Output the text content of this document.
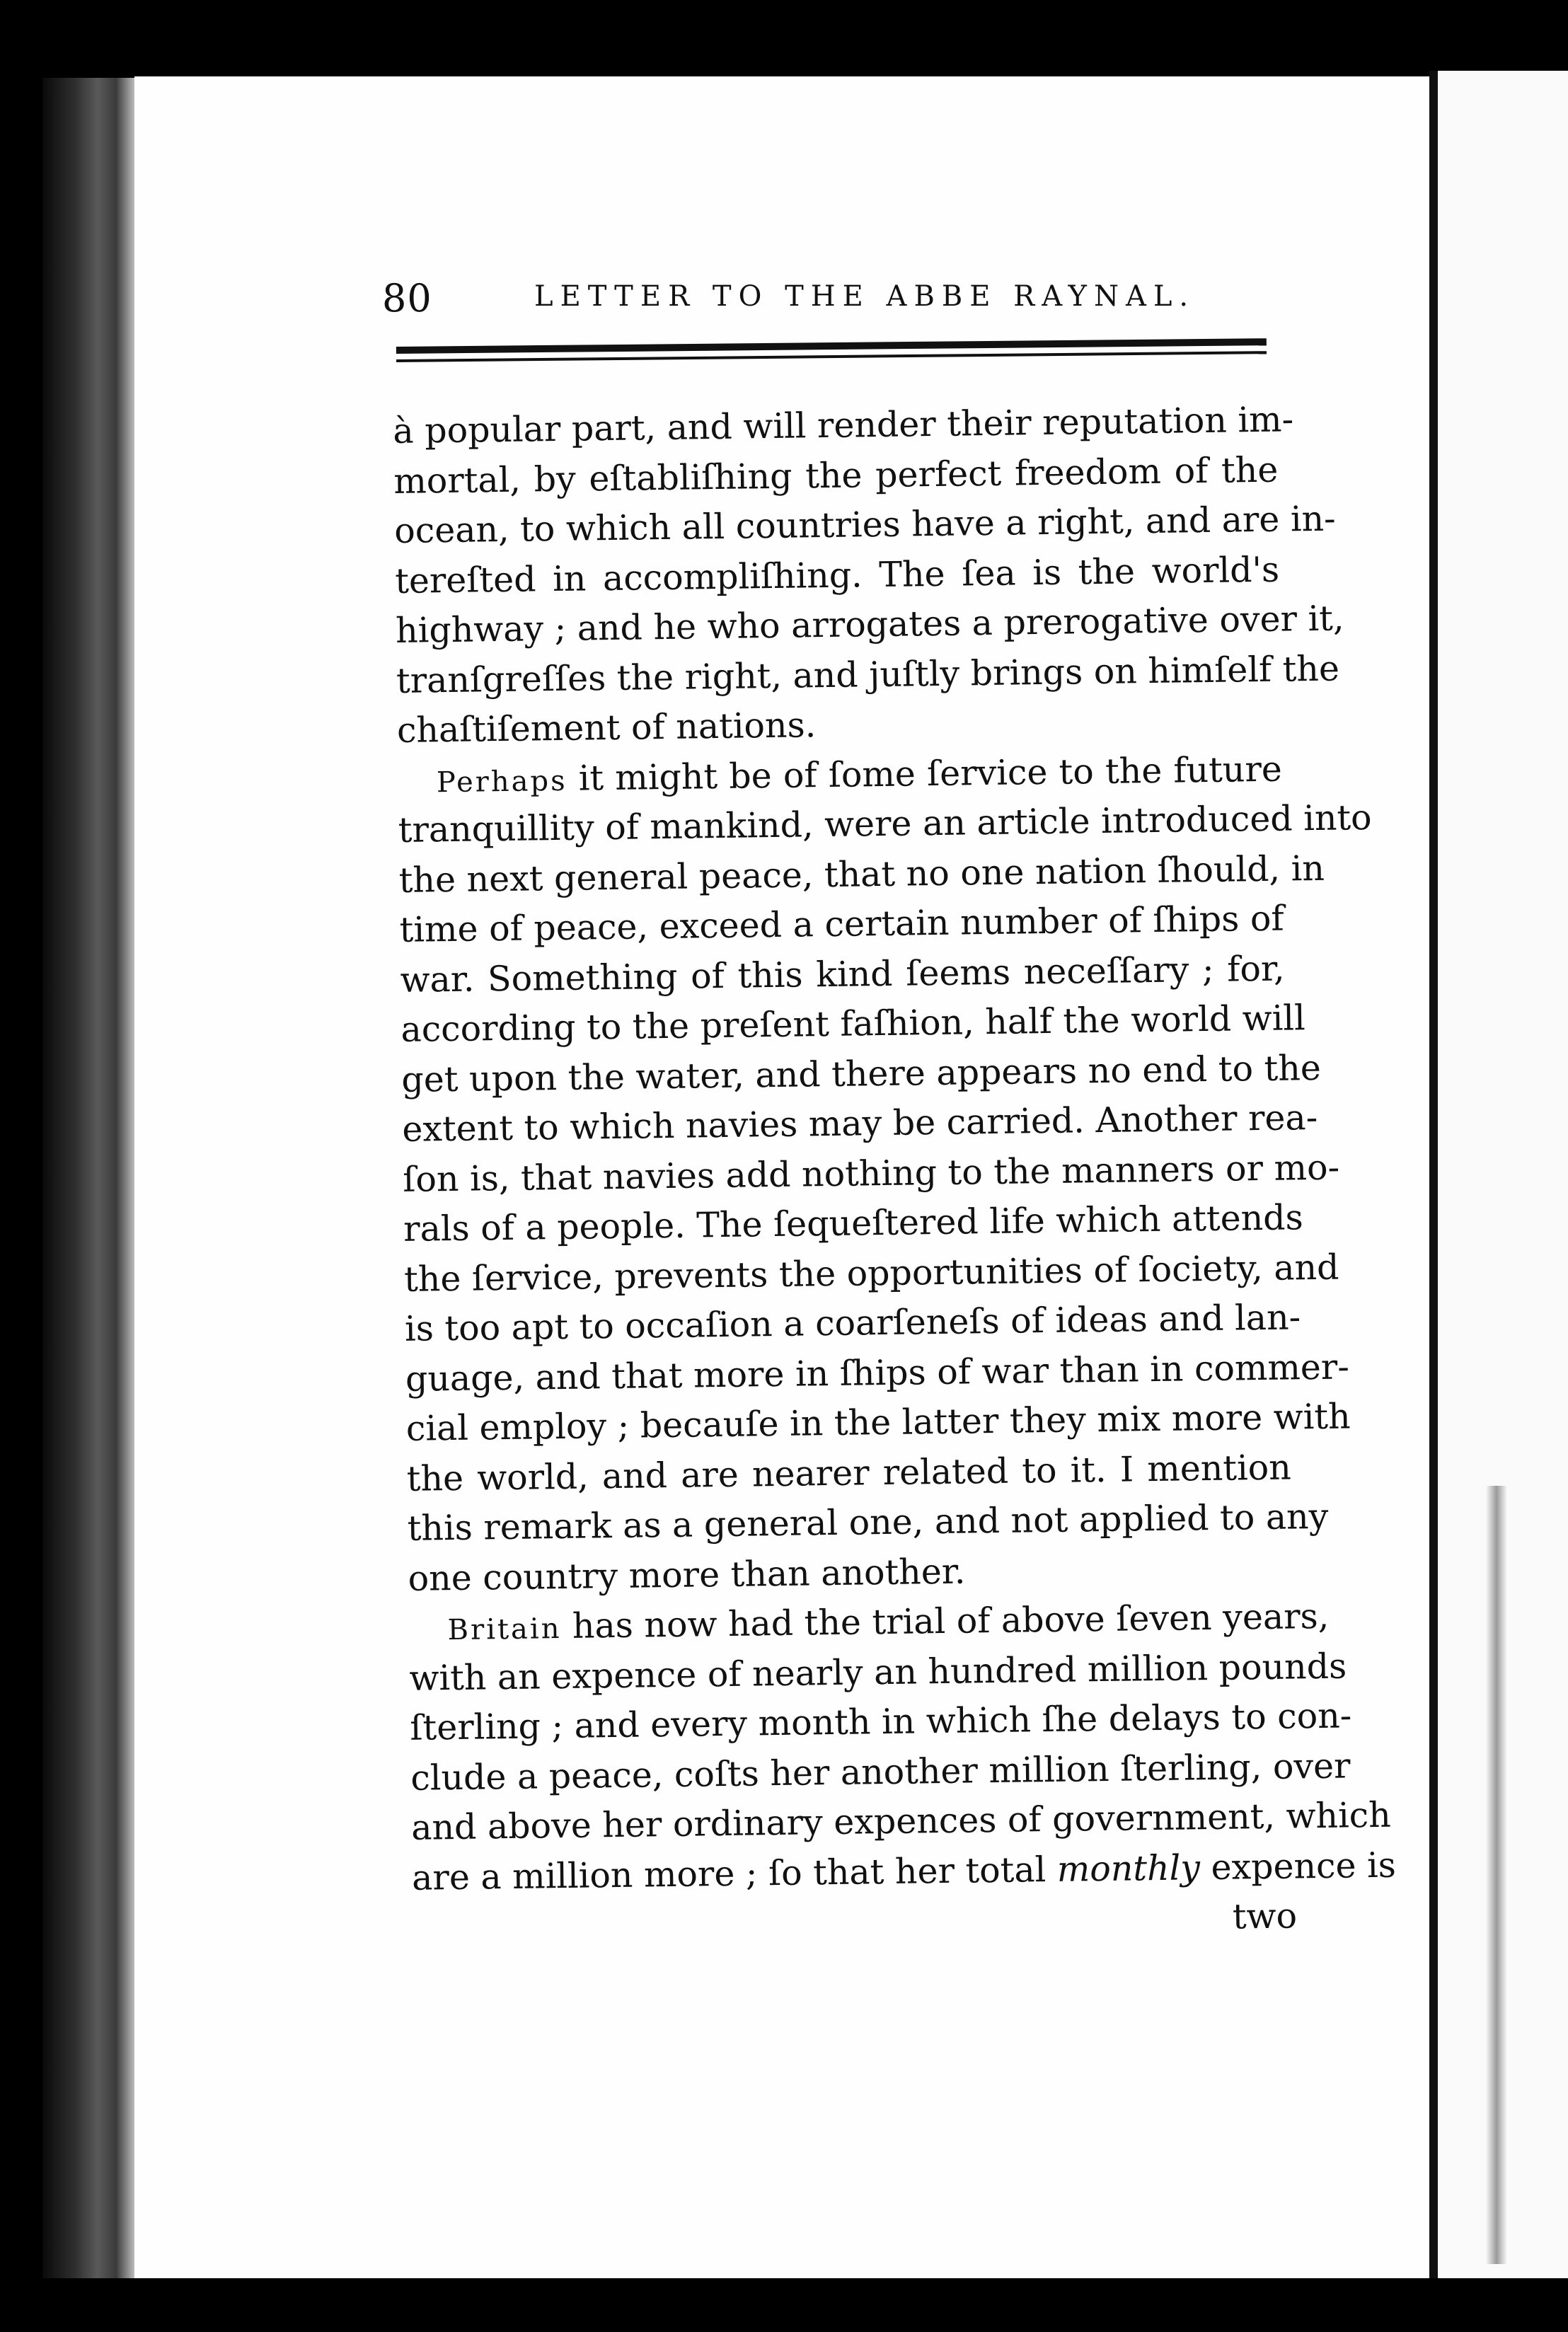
80	LETTER TO THE ABBE RAYNAL.
à popular part, and will render their reputation im-
mortal, by eſtabliſhing the perfect freedom of the
ocean, to which all countries have a right, and are in-
tereſted in accompliſhing. The ſea is the world's
highway ; and he who arrogates a prerogative over it,
tranſgreſſes the right, and juſtly brings on himſelf the
chaſtiſement of nations.
Perhaps it might be of ſome ſervice to the future
tranquillity of mankind, were an article introduced into
the next general peace, that no one nation ſhould, in
time of peace, exceed a certain number of ſhips of
war. Something of this kind ſeems neceſſary ; for,
according to the preſent faſhion, half the world will
get upon the water, and there appears no end to the
extent to which navies may be carried. Another rea-
ſon is, that navies add nothing to the manners or mo-
rals of a people. The ſequeſtered life which attends
the ſervice, prevents the opportunities of ſociety, and
is too apt to occaſion a coarſeneſs of ideas and lan-
guage, and that more in ſhips of war than in commer-
cial employ ; becauſe in the latter they mix more with
the world, and are nearer related to it. I mention
this remark as a general one, and not applied to any
one country more than another.
Britain has now had the trial of above ſeven years,
with an expence of nearly an hundred million pounds
ſterling ; and every month in which ſhe delays to con-
clude a peace, coſts her another million ſterling, over
and above her ordinary expences of government, which
are a million more ; ſo that her total monthly expence is
two
